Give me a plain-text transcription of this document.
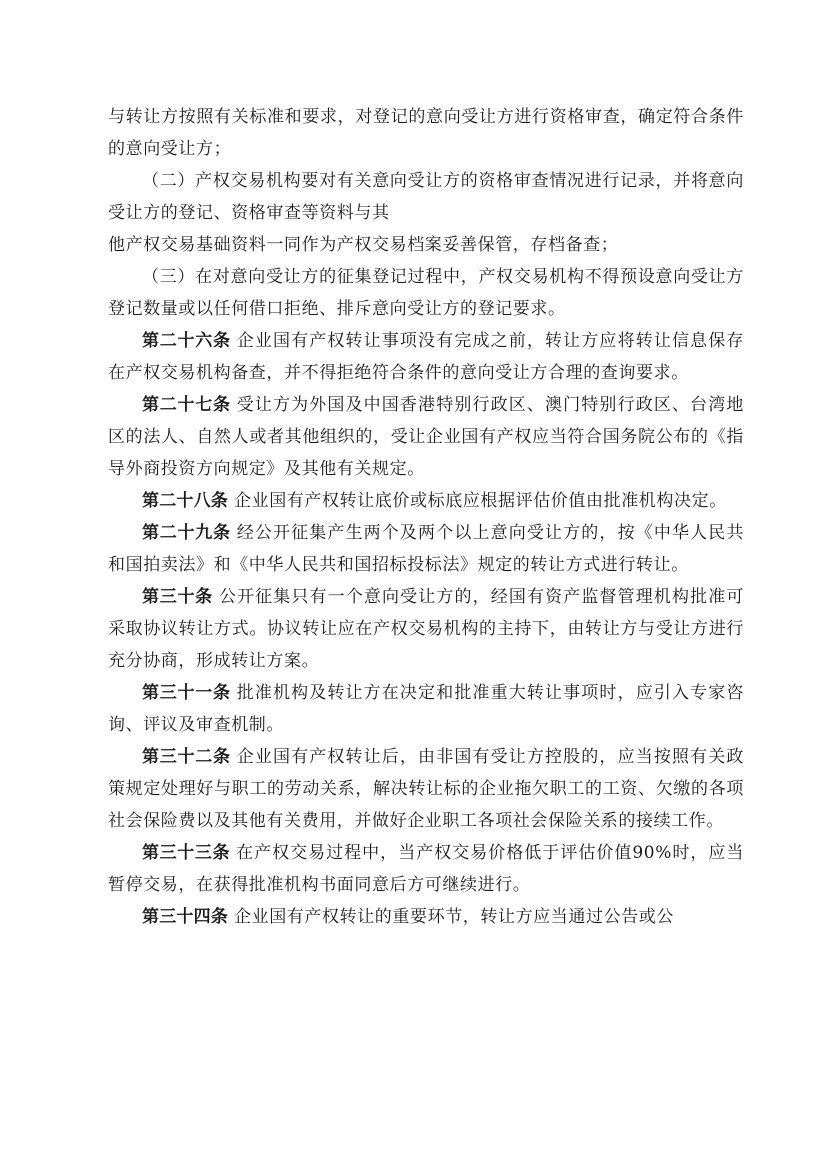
与转让方按照有关标准和要求，对登记的意向受让方进行资格审查，确定符合条件的意向受让方；

（二）产权交易机构要对有关意向受让方的资格审查情况进行记录，并将意向受让方的登记、资格审查等资料与其
他产权交易基础资料一同作为产权交易档案妥善保管，存档备查；

（三）在对意向受让方的征集登记过程中，产权交易机构不得预设意向受让方登记数量或以任何借口拒绝、排斥意向受让方的登记要求。

第二十六条 企业国有产权转让事项没有完成之前，转让方应将转让信息保存在产权交易机构备查，并不得拒绝符合条件的意向受让方合理的查询要求。

第二十七条 受让方为外国及中国香港特别行政区、澳门特别行政区、台湾地区的法人、自然人或者其他组织的，受让企业国有产权应当符合国务院公布的《指导外商投资方向规定》及其他有关规定。

第二十八条 企业国有产权转让底价或标底应根据评估价值由批准机构决定。

第二十九条 经公开征集产生两个及两个以上意向受让方的，按《中华人民共和国拍卖法》和《中华人民共和国招标投标法》规定的转让方式进行转让。

第三十条 公开征集只有一个意向受让方的，经国有资产监督管理机构批准可采取协议转让方式。协议转让应在产权交易机构的主持下，由转让方与受让方进行充分协商，形成转让方案。

第三十一条 批准机构及转让方在决定和批准重大转让事项时，应引入专家咨询、评议及审查机制。

第三十二条 企业国有产权转让后，由非国有受让方控股的，应当按照有关政策规定处理好与职工的劳动关系，解决转让标的企业拖欠职工的工资、欠缴的各项社会保险费以及其他有关费用，并做好企业职工各项社会保险关系的接续工作。

第三十三条 在产权交易过程中，当产权交易价格低于评估价值90%时，应当暂停交易，在获得批准机构书面同意后方可继续进行。

第三十四条 企业国有产权转让的重要环节，转让方应当通过公告或公
